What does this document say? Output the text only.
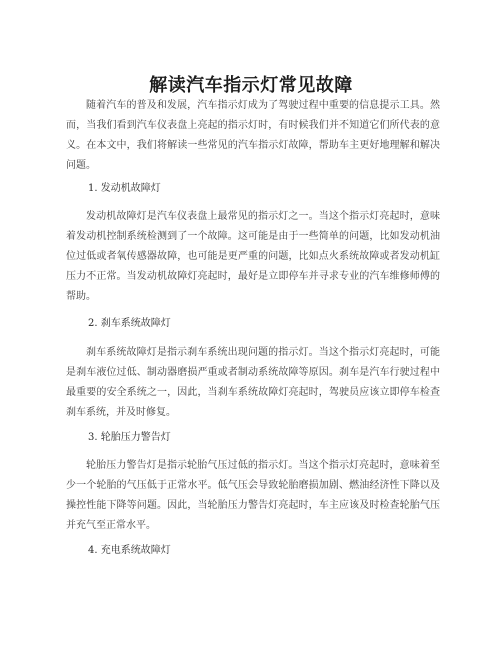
解读汽车指示灯常见故障

随着汽车的普及和发展，汽车指示灯成为了驾驶过程中重要的信息提示工具。然而，当我们看到汽车仪表盘上亮起的指示灯时，有时候我们并不知道它们所代表的意义。在本文中，我们将解读一些常见的汽车指示灯故障，帮助车主更好地理解和解决问题。

1. 发动机故障灯

发动机故障灯是汽车仪表盘上最常见的指示灯之一。当这个指示灯亮起时，意味着发动机控制系统检测到了一个故障。这可能是由于一些简单的问题，比如发动机油位过低或者氧传感器故障，也可能是更严重的问题，比如点火系统故障或者发动机缸压力不正常。当发动机故障灯亮起时，最好是立即停车并寻求专业的汽车维修师傅的帮助。

2. 刹车系统故障灯

刹车系统故障灯是指示刹车系统出现问题的指示灯。当这个指示灯亮起时，可能是刹车液位过低、制动器磨损严重或者制动系统故障等原因。刹车是汽车行驶过程中最重要的安全系统之一，因此，当刹车系统故障灯亮起时，驾驶员应该立即停车检查刹车系统，并及时修复。

3. 轮胎压力警告灯

轮胎压力警告灯是指示轮胎气压过低的指示灯。当这个指示灯亮起时，意味着至少一个轮胎的气压低于正常水平。低气压会导致轮胎磨损加剧、燃油经济性下降以及操控性能下降等问题。因此，当轮胎压力警告灯亮起时，车主应该及时检查轮胎气压并充气至正常水平。

4. 充电系统故障灯
